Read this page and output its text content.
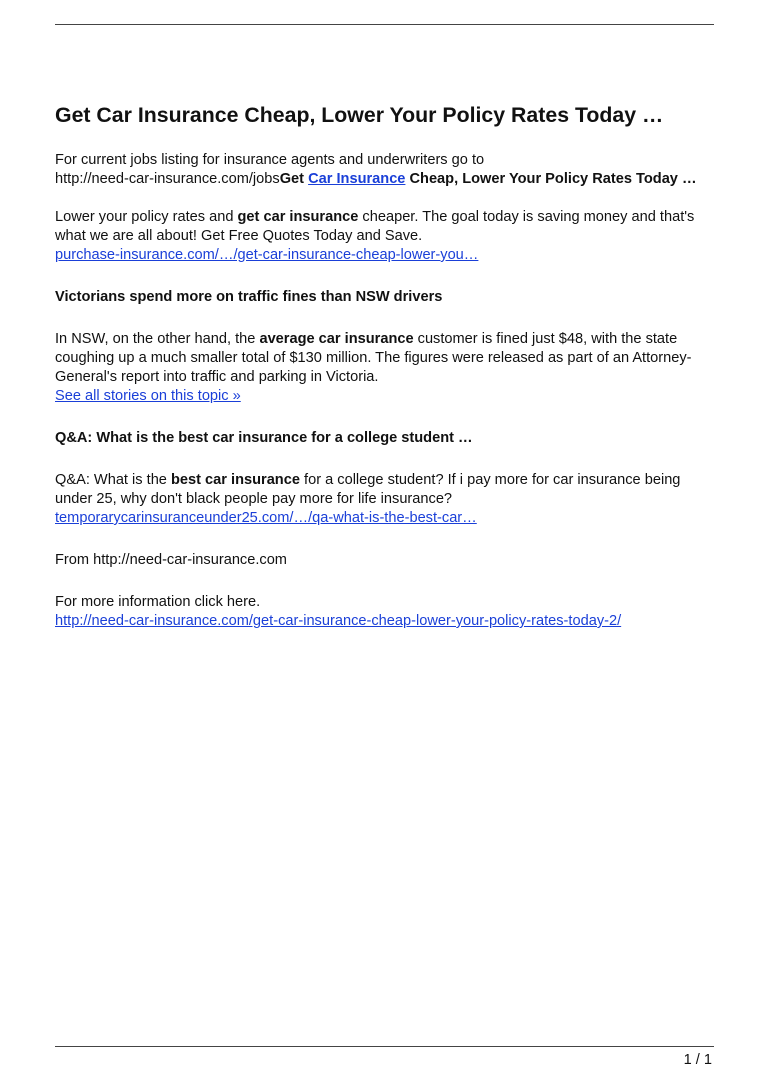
Get Car Insurance Cheap, Lower Your Policy Rates Today …

For current jobs listing for insurance agents and underwriters go to
http://need-car-insurance.com/jobsGet Car Insurance Cheap, Lower Your Policy Rates Today …

Lower your policy rates and get car insurance cheaper. The goal today is saving money and that's what we are all about! Get Free Quotes Today and Save.
purchase-insurance.com/…/get-car-insurance-cheap-lower-you…

Victorians spend more on traffic fines than NSW drivers

In NSW, on the other hand, the average car insurance customer is fined just $48, with the state coughing up a much smaller total of $130 million. The figures were released as part of an Attorney-General's report into traffic and parking in Victoria.
See all stories on this topic »

Q&A: What is the best car insurance for a college student …

Q&A: What is the best car insurance for a college student? If i pay more for car insurance being under 25, why don't black people pay more for life insurance?
temporarycarinsuranceunder25.com/…/qa-what-is-the-best-car…

From http://need-car-insurance.com

For more information click here.
http://need-car-insurance.com/get-car-insurance-cheap-lower-your-policy-rates-today-2/

1 / 1
